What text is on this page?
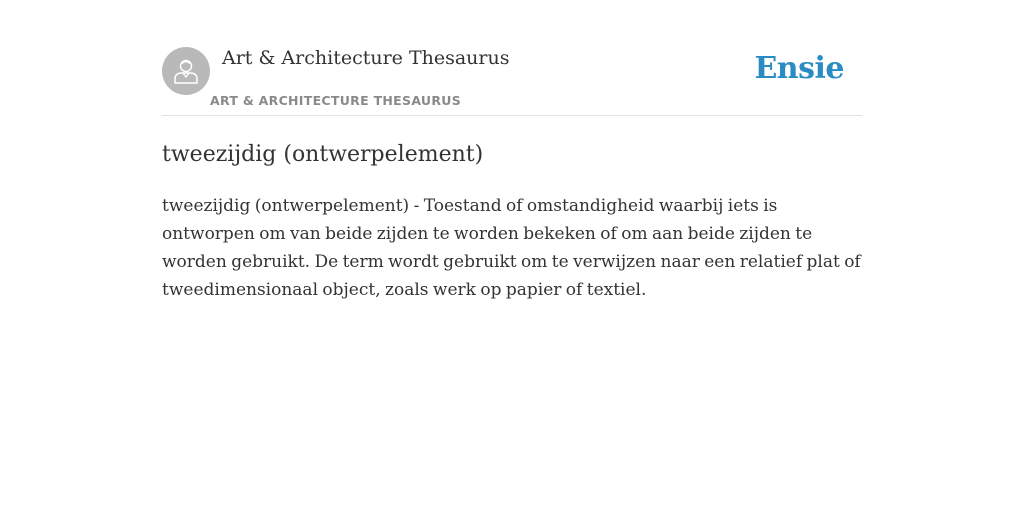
Art & Architecture Thesaurus

ART & ARCHITECTURE THESAURUS

Ensie

tweezijdig (ontwerpelement)

tweezijdig (ontwerpelement) - Toestand of omstandigheid waarbij iets is ontworpen om van beide zijden te worden bekeken of om aan beide zijden te worden gebruikt. De term wordt gebruikt om te verwijzen naar een relatief plat of tweedimensionaal object, zoals werk op papier of textiel.
